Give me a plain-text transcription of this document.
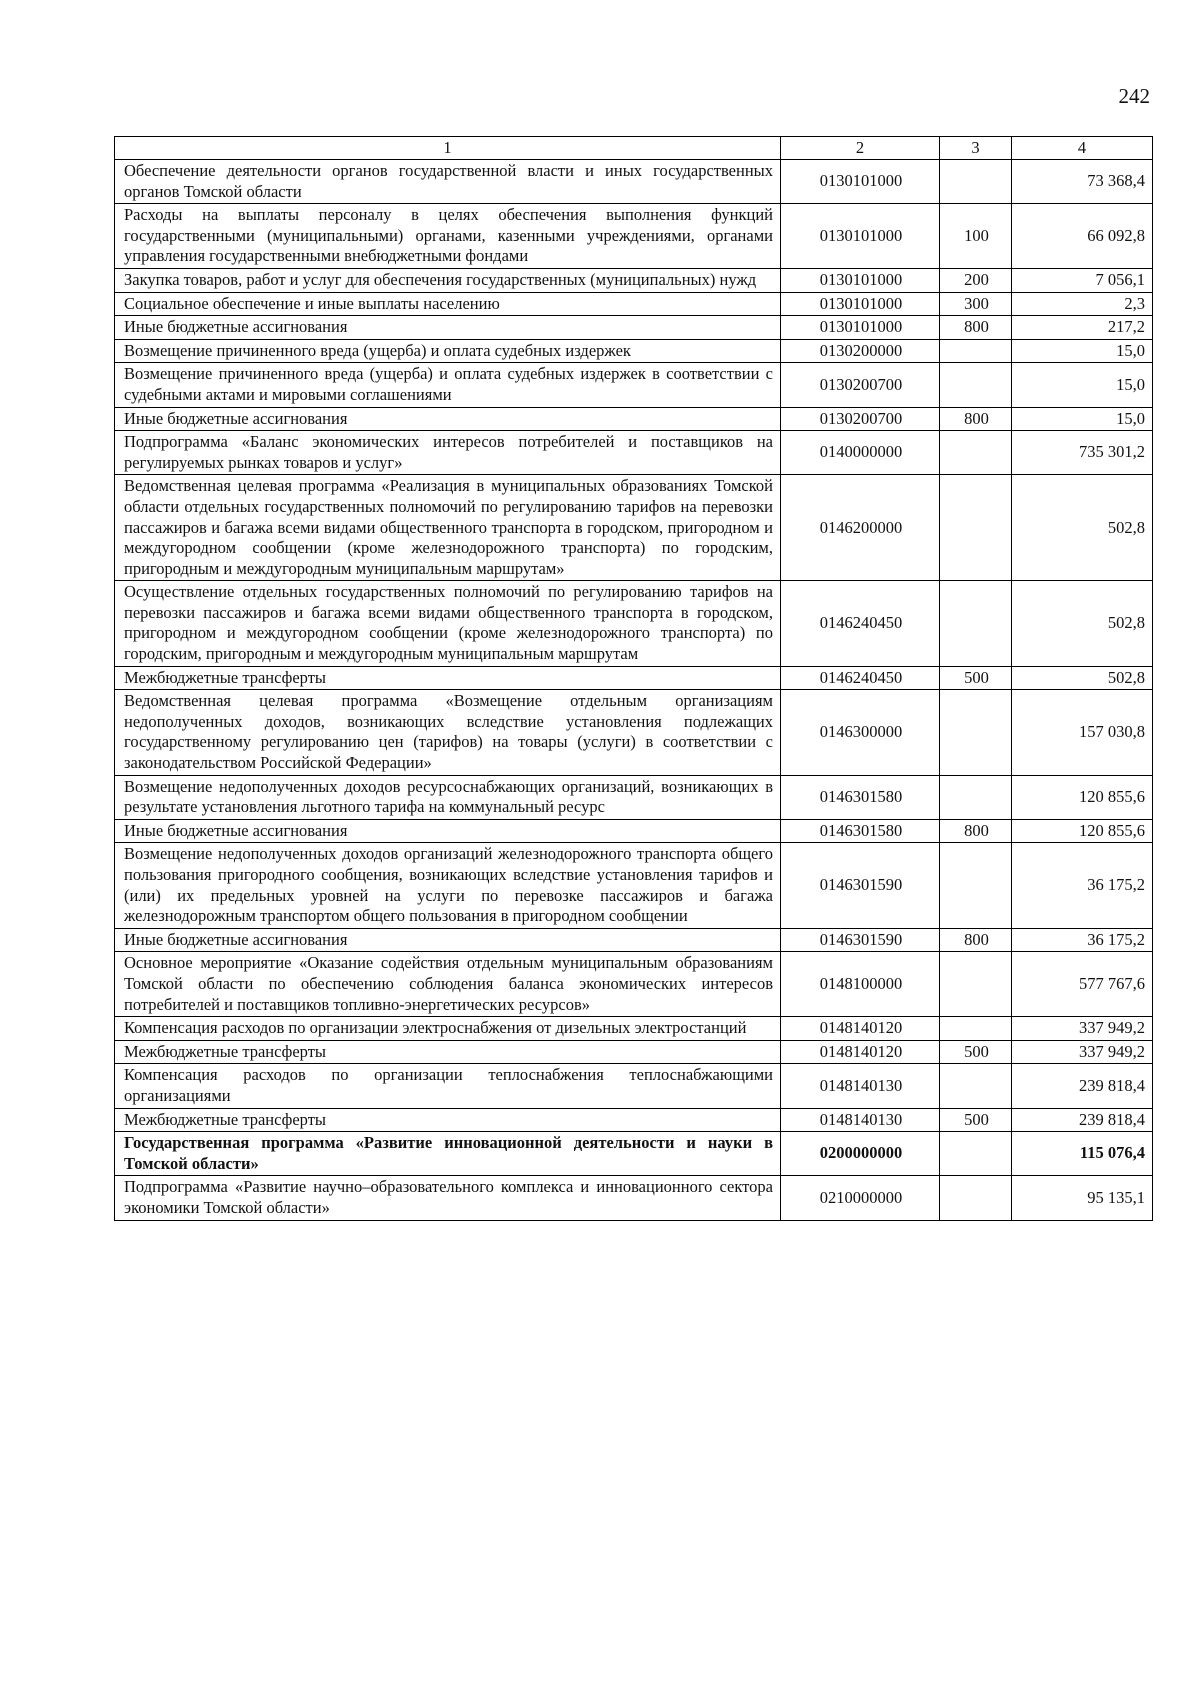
242
1	2	3	4
Обеспечение деятельности органов государственной власти и иных государственных органов Томской области	0130101000		73 368,4
Расходы на выплаты персоналу в целях обеспечения выполнения функций государственными (муниципальными) органами, казенными учреждениями, органами управления государственными внебюджетными фондами	0130101000	100	66 092,8
Закупка товаров, работ и услуг для обеспечения государственных (муниципальных) нужд	0130101000	200	7 056,1
Социальное обеспечение и иные выплаты населению	0130101000	300	2,3
Иные бюджетные ассигнования	0130101000	800	217,2
Возмещение причиненного вреда (ущерба) и оплата судебных издержек	0130200000		15,0
Возмещение причиненного вреда (ущерба) и оплата судебных издержек в соответствии с судебными актами и мировыми соглашениями	0130200700		15,0
Иные бюджетные ассигнования	0130200700	800	15,0
Подпрограмма «Баланс экономических интересов потребителей и поставщиков на регулируемых рынках товаров и услуг»	0140000000		735 301,2
Ведомственная целевая программа «Реализация в муниципальных образованиях Томской области отдельных государственных полномочий по регулированию тарифов на перевозки пассажиров и багажа всеми видами общественного транспорта в городском, пригородном и междугородном сообщении (кроме железнодорожного транспорта) по городским, пригородным и междугородным муниципальным маршрутам»	0146200000		502,8
Осуществление отдельных государственных полномочий по регулированию тарифов на перевозки пассажиров и багажа всеми видами общественного транспорта в городском, пригородном и междугородном сообщении (кроме железнодорожного транспорта) по городским, пригородным и междугородным муниципальным маршрутам	0146240450		502,8
Межбюджетные трансферты	0146240450	500	502,8
Ведомственная целевая программа «Возмещение отдельным организациям недополученных доходов, возникающих вследствие установления подлежащих государственному регулированию цен (тарифов) на товары (услуги) в соответствии с законодательством Российской Федерации»	0146300000		157 030,8
Возмещение недополученных доходов ресурсоснабжающих организаций, возникающих в результате установления льготного тарифа на коммунальный ресурс	0146301580		120 855,6
Иные бюджетные ассигнования	0146301580	800	120 855,6
Возмещение недополученных доходов организаций железнодорожного транспорта общего пользования пригородного сообщения, возникающих вследствие установления тарифов и (или) их предельных уровней на услуги по перевозке пассажиров и багажа железнодорожным транспортом общего пользования в пригородном сообщении	0146301590		36 175,2
Иные бюджетные ассигнования	0146301590	800	36 175,2
Основное мероприятие «Оказание содействия отдельным муниципальным образованиям Томской области по обеспечению соблюдения баланса экономических интересов потребителей и поставщиков топливно-энергетических ресурсов»	0148100000		577 767,6
Компенсация расходов по организации электроснабжения от дизельных электростанций	0148140120		337 949,2
Межбюджетные трансферты	0148140120	500	337 949,2
Компенсация расходов по организации теплоснабжения теплоснабжающими организациями	0148140130		239 818,4
Межбюджетные трансферты	0148140130	500	239 818,4
Государственная программа «Развитие инновационной деятельности и науки в Томской области»	0200000000		115 076,4
Подпрограмма «Развитие научно–образовательного комплекса и инновационного сектора экономики Томской области»	0210000000		95 135,1
